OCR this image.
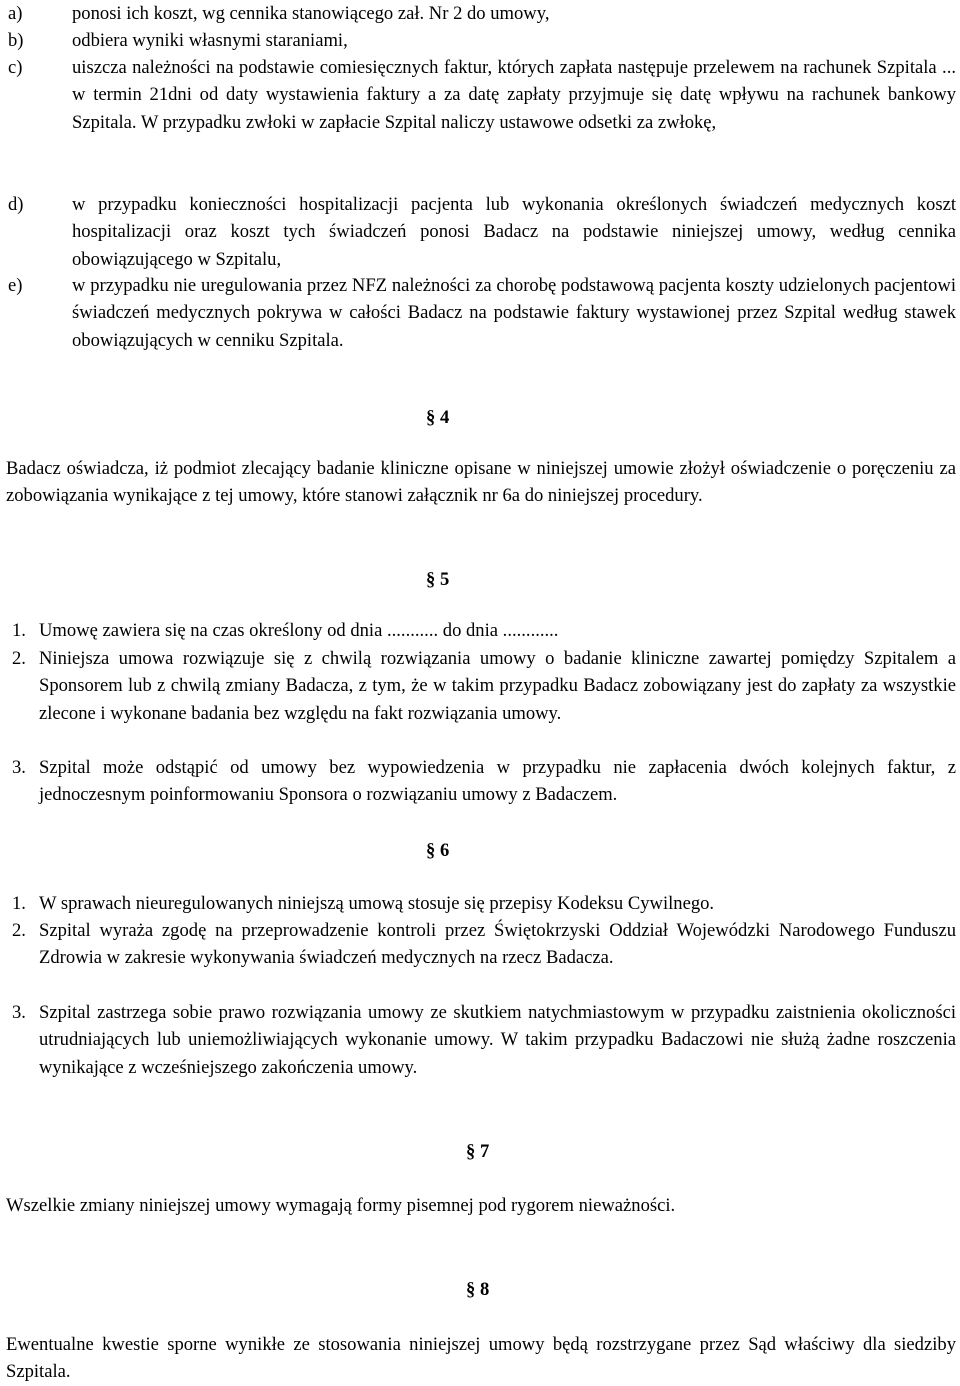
a)	ponosi ich koszt, wg cennika stanowiącego zał. Nr 2 do umowy,
b)	odbiera wyniki własnymi staraniami,
c)	uiszcza należności na podstawie comiesięcznych faktur, których zapłata następuje przelewem na rachunek Szpitala ... w termin 21dni od daty wystawienia faktury a za datę zapłaty przyjmuje się datę wpływu na rachunek bankowy Szpitala. W przypadku zwłoki w zapłacie Szpital naliczy ustawowe odsetki za zwłokę,
d)	w przypadku konieczności hospitalizacji pacjenta lub wykonania określonych świadczeń medycznych koszt hospitalizacji oraz koszt tych świadczeń ponosi Badacz na podstawie niniejszej umowy, według cennika obowiązującego w Szpitalu,
e)	w przypadku nie uregulowania przez NFZ należności za chorobę podstawową pacjenta koszty udzielonych pacjentowi świadczeń medycznych pokrywa w całości Badacz na podstawie faktury wystawionej przez Szpital według stawek obowiązujących w cenniku Szpitala.
§ 4
Badacz oświadcza, iż podmiot zlecający badanie kliniczne opisane w niniejszej umowie złożył oświadczenie o poręczeniu za zobowiązania wynikające z tej umowy, które stanowi załącznik nr 6a do niniejszej procedury.
§ 5
1. Umowę zawiera się na czas określony od dnia ........... do dnia ............
2. Niniejsza umowa rozwiązuje się z chwilą rozwiązania umowy o badanie kliniczne zawartej pomiędzy Szpitalem a Sponsorem lub z chwilą zmiany Badacza, z tym, że w takim przypadku Badacz zobowiązany jest do zapłaty za wszystkie zlecone i wykonane badania bez względu na fakt rozwiązania umowy.
3. Szpital może odstąpić od umowy bez wypowiedzenia w przypadku nie zapłacenia dwóch kolejnych faktur, z jednoczesnym poinformowaniu Sponsora o rozwiązaniu umowy z Badaczem.
§ 6
1. W sprawach nieuregulowanych niniejszą umową stosuje się przepisy Kodeksu Cywilnego.
2. Szpital wyraża zgodę na przeprowadzenie kontroli przez Świętokrzyski Oddział Wojewódzki Narodowego Funduszu Zdrowia w zakresie wykonywania świadczeń medycznych na rzecz Badacza.
3. Szpital zastrzega sobie prawo rozwiązania umowy ze skutkiem natychmiastowym w przypadku zaistnienia okoliczności utrudniających lub uniemożliwiających wykonanie umowy. W takim przypadku Badaczowi nie służą żadne roszczenia wynikające z wcześniejszego zakończenia umowy.
§ 7
Wszelkie zmiany niniejszej umowy wymagają formy pisemnej pod rygorem nieważności.
§ 8
Ewentualne kwestie sporne wynikłe ze stosowania niniejszej umowy będą rozstrzygane przez Sąd właściwy dla siedziby Szpitala.
